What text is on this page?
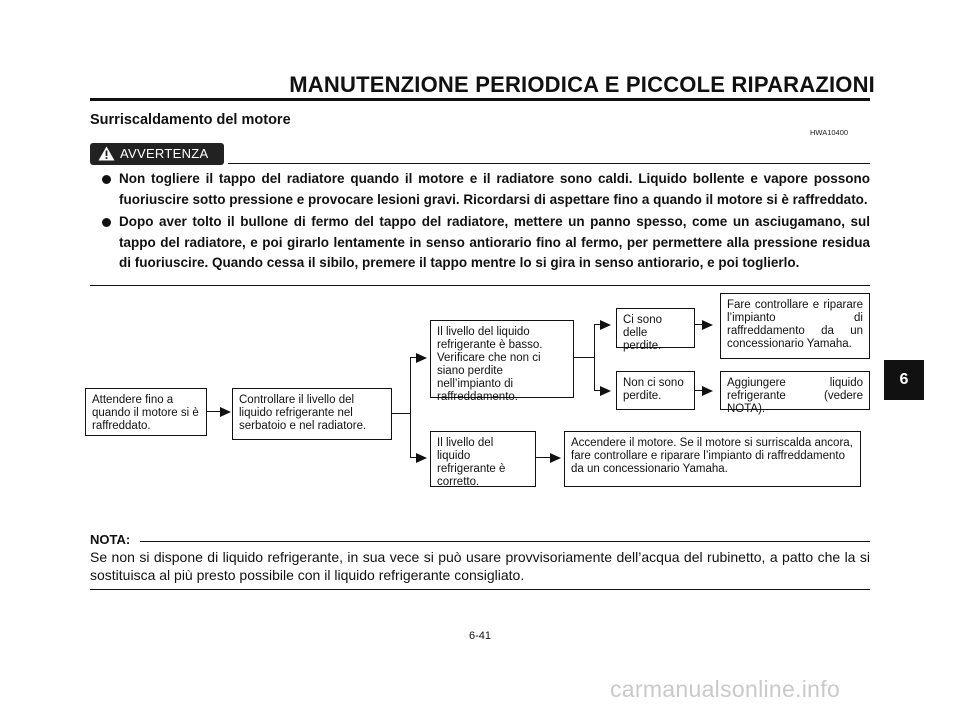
MANUTENZIONE PERIODICA E PICCOLE RIPARAZIONI
Surriscaldamento del motore
HWA10400
AVVERTENZA
Non togliere il tappo del radiatore quando il motore e il radiatore sono caldi. Liquido bollente e vapore possono fuoriuscire sotto pressione e provocare lesioni gravi. Ricordarsi di aspettare fino a quando il motore si è raffreddato.
Dopo aver tolto il bullone di fermo del tappo del radiatore, mettere un panno spesso, come un asciugamano, sul tappo del radiatore, e poi girarlo lentamente in senso antiorario fino al fermo, per permettere alla pressione residua di fuoriuscire. Quando cessa il sibilo, premere il tappo mentre lo si gira in senso antiorario, e poi toglierlo.
Attendere fino a quando il motore si è raffreddato.
Controllare il livello del liquido refrigerante nel serbatoio e nel radiatore.
Il livello del liquido refrigerante è basso. Verificare che non ci siano perdite nell’impianto di raffreddamento.
Ci sono delle perdite.
Fare controllare e riparare l’impianto di raffreddamento da un concessionario Yamaha.
Non ci sono perdite.
Aggiungere liquido refrigerante (vedere NOTA).
Il livello del liquido refrigerante è corretto.
Accendere il motore. Se il motore si surriscalda ancora, fare controllare e riparare l’impianto di raffreddamento da un concessionario Yamaha.
NOTA:
Se non si dispone di liquido refrigerante, in sua vece si può usare provvisoriamente dell’acqua del rubinetto, a patto che la si sostituisca al più presto possibile con il liquido refrigerante consigliato.
6
6-41
carmanualsonline.info
